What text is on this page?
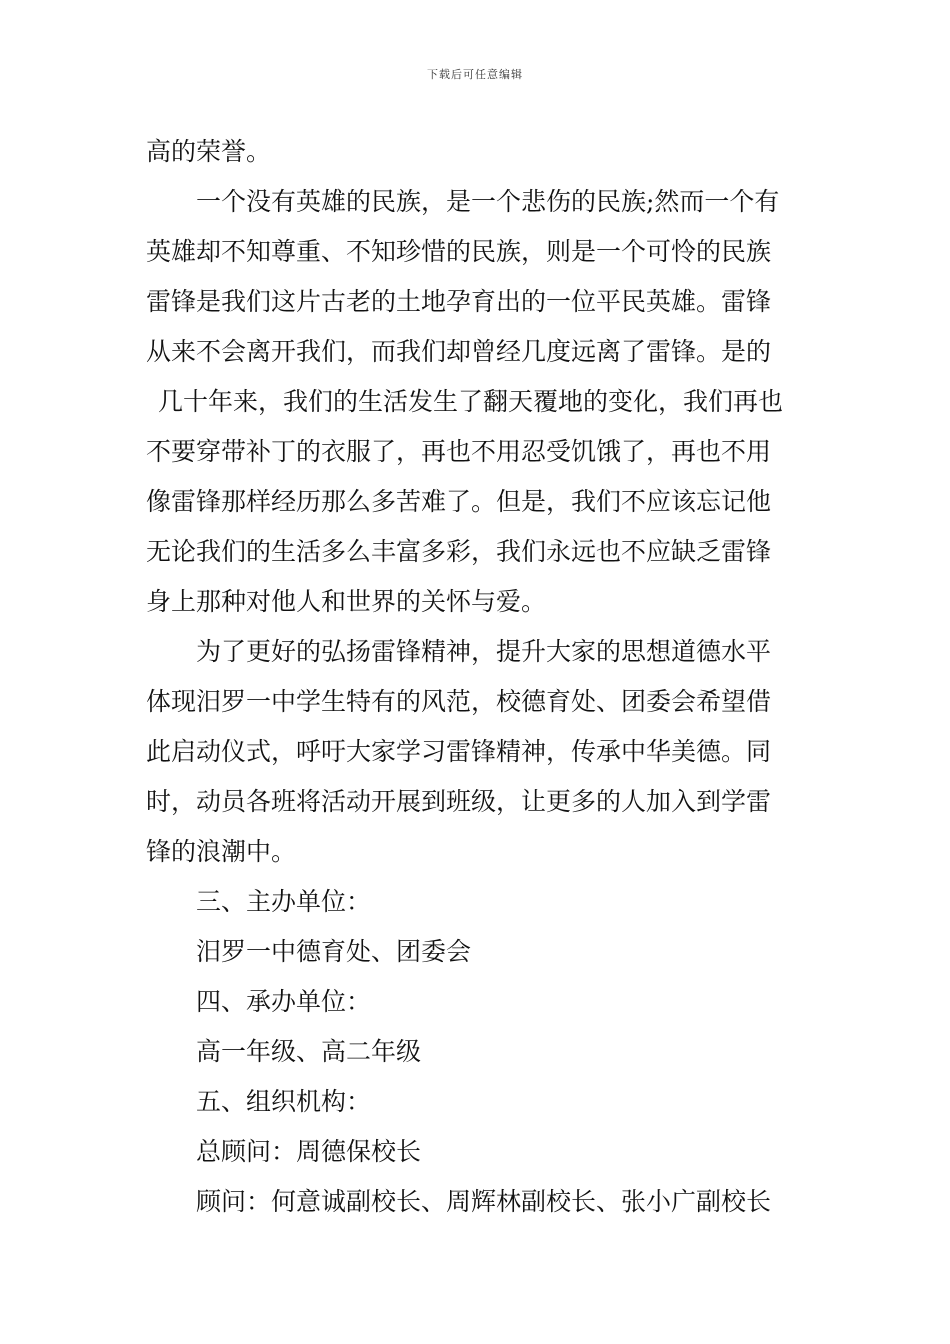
下载后可任意编辑
高的荣誉。
一个没有英雄的民族，是一个悲伤的民族;然而一个有
英雄却不知尊重、不知珍惜的民族，则是一个可怜的民族
雷锋是我们这片古老的土地孕育出的一位平民英雄。雷锋
从来不会离开我们，而我们却曾经几度远离了雷锋。是的
几十年来，我们的生活发生了翻天覆地的变化，我们再也
不要穿带补丁的衣服了，再也不用忍受饥饿了，再也不用
像雷锋那样经历那么多苦难了。但是，我们不应该忘记他
无论我们的生活多么丰富多彩，我们永远也不应缺乏雷锋
身上那种对他人和世界的关怀与爱。
为了更好的弘扬雷锋精神，提升大家的思想道德水平
体现汨罗一中学生特有的风范，校德育处、团委会希望借
此启动仪式，呼吁大家学习雷锋精神，传承中华美德。同
时，动员各班将活动开展到班级，让更多的人加入到学雷
锋的浪潮中。
三、主办单位：
汨罗一中德育处、团委会
四、承办单位：
高一年级、高二年级
五、组织机构：
总顾问：周德保校长
顾问：何意诚副校长、周辉林副校长、张小广副校长
